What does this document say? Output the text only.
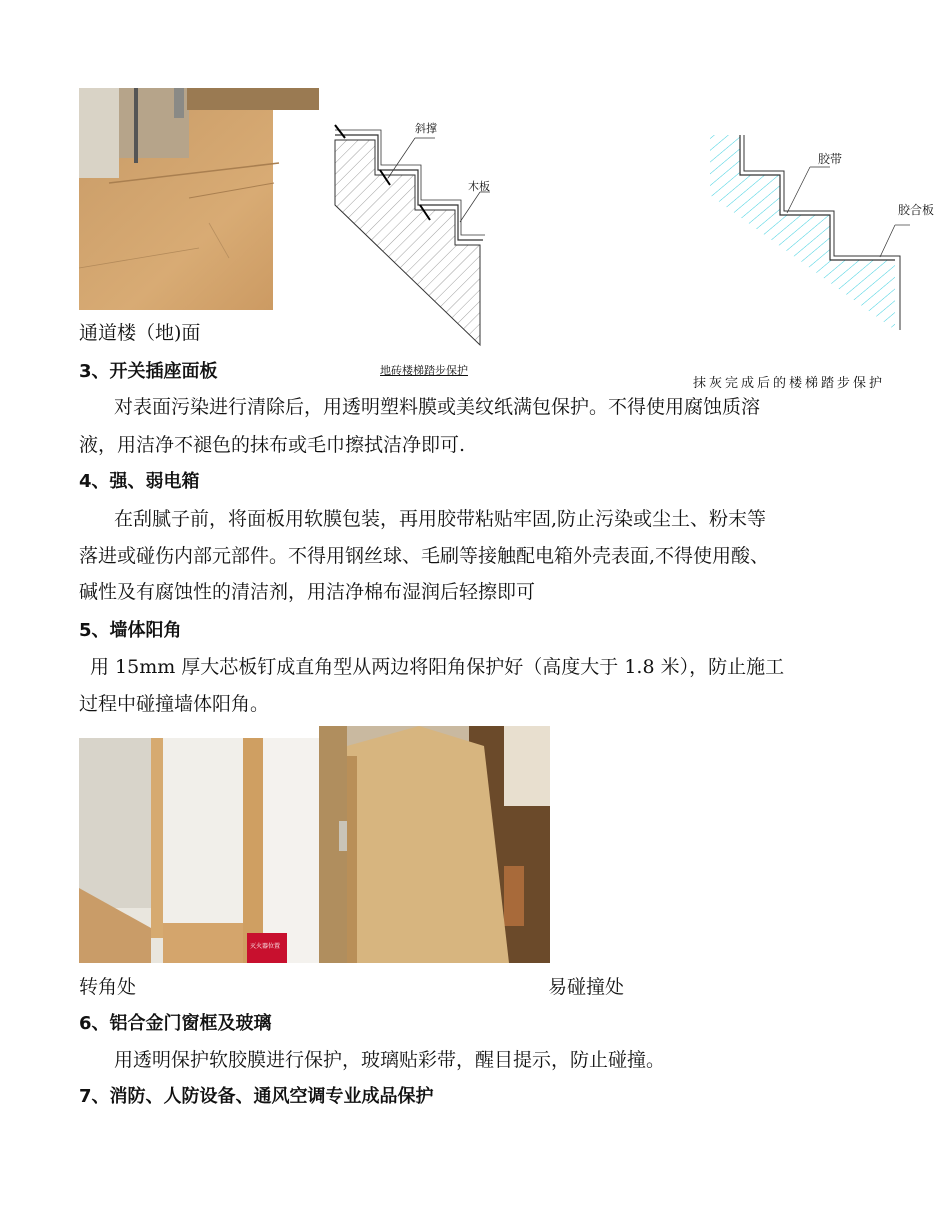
通道楼（地)面
斜撑
木板
地砖楼梯踏步保护
胶带
胶合板
抹灰完成后的楼梯踏步保护
3、开关插座面板
对表面污染进行清除后，用透明塑料膜或美纹纸满包保护。不得使用腐蚀质溶
液，用洁净不褪色的抹布或毛巾擦拭洁净即可.
4、强、弱电箱
在刮腻子前，将面板用软膜包装，再用胶带粘贴牢固,防止污染或尘土、粉末等
落进或碰伤内部元部件。不得用钢丝球、毛刷等接触配电箱外壳表面,不得使用酸、
碱性及有腐蚀性的清洁剂，用洁净棉布湿润后轻擦即可
5、墙体阳角
用 15mm 厚大芯板钉成直角型从两边将阳角保护好（高度大于 1.8 米），防止施工
过程中碰撞墙体阳角。
灭火器位置
转角处	易碰撞处
6、铝合金门窗框及玻璃
用透明保护软胶膜进行保护，玻璃贴彩带，醒目提示，防止碰撞。
7、消防、人防设备、通风空调专业成品保护
